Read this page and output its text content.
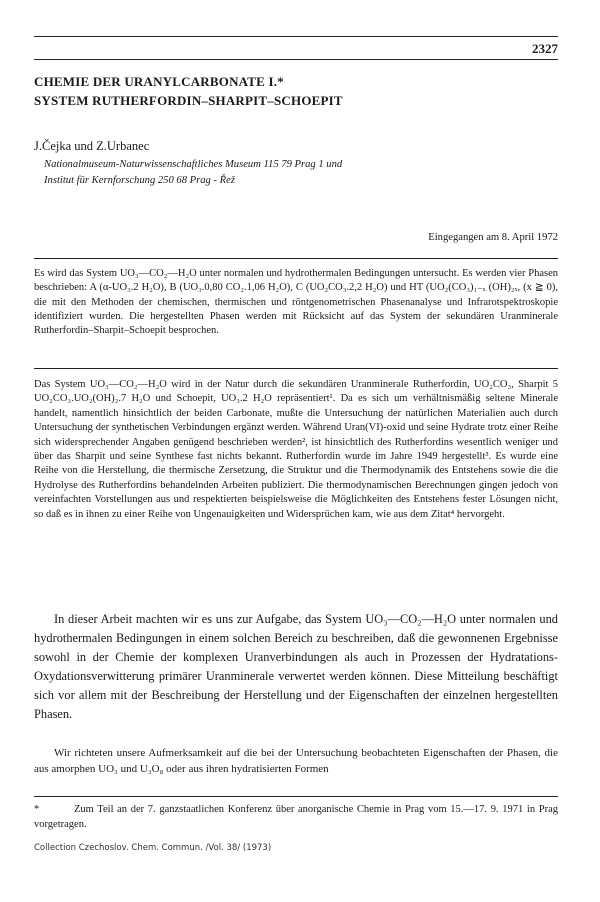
2327
CHEMIE DER URANYLCARBONATE I.*
SYSTEM RUTHERFORDIN–SHARPIT–SCHOEPIT
J.Čejka und Z.Urbanec
Nationalmuseum-Naturwissenschaftliches Museum 115 79 Prag 1 und
Institut für Kernforschung 250 68 Prag - Řež
Eingegangen am 8. April 1972
Es wird das System UO₃—CO₂—H₂O unter normalen und hydrothermalen Bedingungen untersucht. Es werden vier Phasen beschrieben: A (α-UO₃.2 H₂O), B (UO₃.0,80 CO₂.1,06 H₂O), C (UO₂CO₃.2,2 H₂O) und HT (UO₂(CO₃)₁₋ₓ (OH)₂ₓ, (x ≧ 0), die mit den Methoden der chemischen, thermischen und röntgenometrischen Phasenanalyse und Infrarotspektroskopie identifiziert wurden. Die hergestellten Phasen werden mit Rücksicht auf das System der sekundären Uranminerale Rutherfordin–Sharpit–Schoepit besprochen.
Das System UO₃—CO₂—H₂O wird in der Natur durch die sekundären Uranminerale Rutherfordin, UO₂CO₃, Sharpit 5 UO₂CO₃.UO₂(OH)₂.7 H₂O und Schoepit, UO₃.2 H₂O repräsentiert¹. Da es sich um verhältnismäßig seltene Minerale handelt, namentlich hinsichtlich der beiden Carbonate, mußte die Untersuchung der natürlichen Materialien auch durch Untersuchung der synthetischen Verbindungen ergänzt werden. Während Uran(VI)-oxid und seine Hydrate trotz einer Reihe sich widersprechender Angaben genügend beschrieben werden², ist hinsichtlich des Rutherfordins wesentlich weniger und über das Sharpit und seine Synthese fast nichts bekannt. Rutherfordin wurde im Jahre 1949 hergestellt³. Es wurde eine Reihe von die Herstellung, die thermische Zersetzung, die Struktur und die Thermodynamik des Entstehens sowie die die Hydrolyse des Rutherfordins behandelnden Arbeiten publiziert. Die thermodynamischen Berechnungen gingen jedoch von vereinfachten Vorstellungen aus und respektierten beispielsweise die Möglichkeiten des Entstehens fester Lösungen nicht, so daß es in ihnen zu einer Reihe von Ungenauigkeiten und Widersprüchen kam, wie aus dem Zitat⁴ hervorgeht.
In dieser Arbeit machten wir es uns zur Aufgabe, das System UO₃—CO₂—H₂O unter normalen und hydrothermalen Bedingungen in einem solchen Bereich zu beschreiben, daß die gewonnenen Ergebnisse sowohl in der Chemie der komplexen Uranverbindungen als auch in Prozessen der Hydratations-Oxydationsverwitterung primärer Uranminerale verwertet werden können. Diese Mitteilung beschäftigt sich vor allem mit der Beschreibung der Herstellung und der Eigenschaften der einzelnen hergestellten Phasen.
Wir richteten unsere Aufmerksamkeit auf die bei der Untersuchung beobachteten Eigenschaften der Phasen, die aus amorphen UO₃ und U₃O₈ oder aus ihren hydratisierten Formen
*	Zum Teil an der 7. ganzstaatlichen Konferenz über anorganische Chemie in Prag vom 15.—17. 9. 1971 in Prag vorgetragen.
Collection Czechoslov. Chem. Commun. /Vol. 38/ (1973)
